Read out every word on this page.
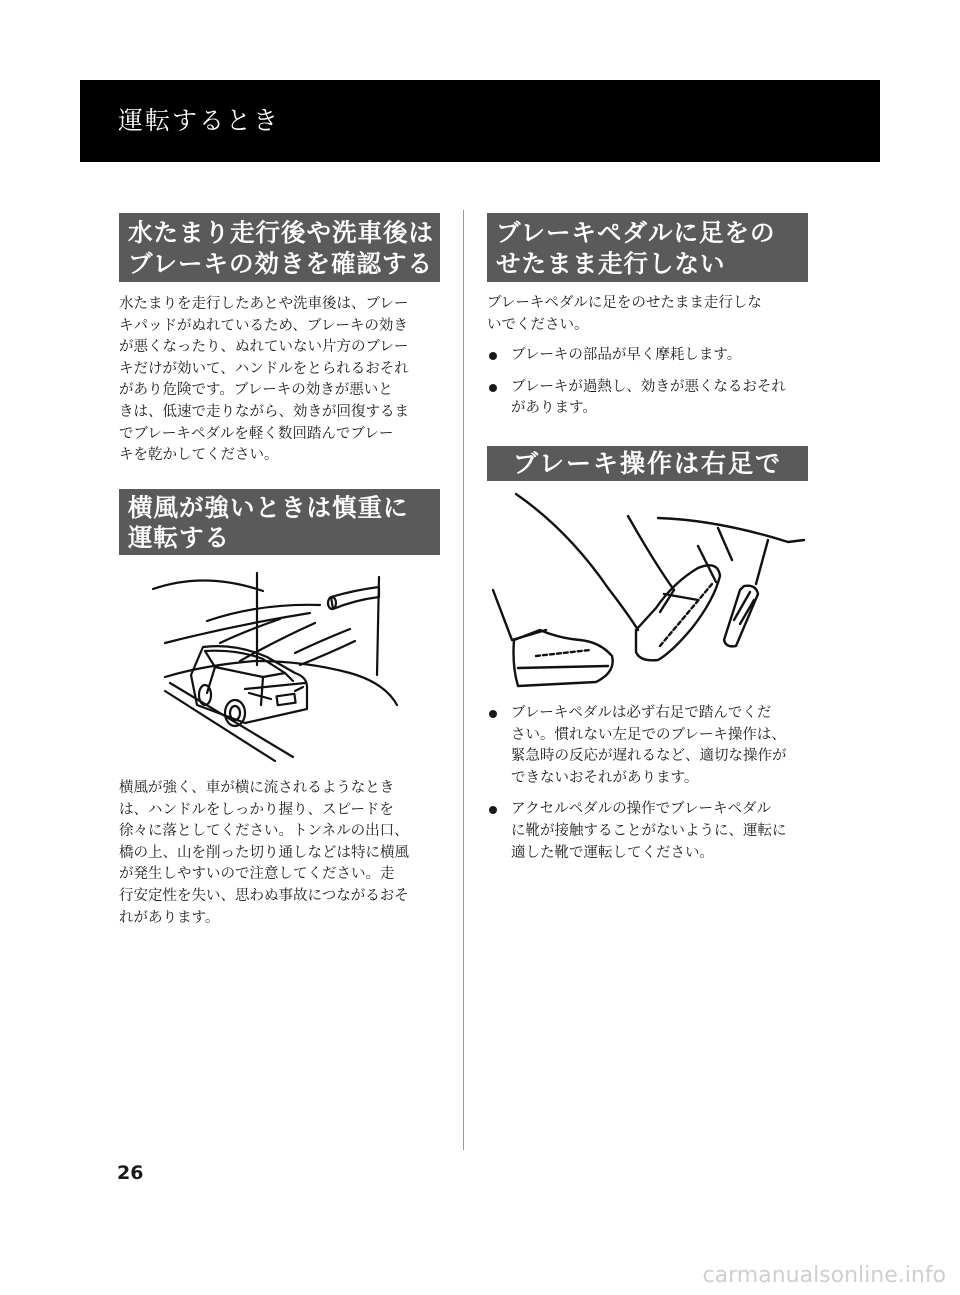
運転するとき
水たまり走行後や洗車後は
ブレーキの効きを確認する

水たまりを走行したあとや洗車後は、ブレー

キパッドがぬれているため、ブレーキの効き

が悪くなったり、ぬれていない片方のブレー

キだけが効いて、ハンドルをとられるおそれ

があり危険です。ブレーキの効きが悪いと

きは、低速で走りながら、効きが回復するま

でブレーキペダルを軽く数回踏んでブレー

キを乾かしてください。

横風が強いときは慎重に
運転する

横風が強く、車が横に流されるようなとき

は、ハンドルをしっかり握り、スピードを

徐々に落としてください。トンネルの出口、

橋の上、山を削った切り通しなどは特に横風

が発生しやすいので注意してください。走

行安定性を失い、思わぬ事故につながるおそ

れがあります。

ブレーキペダルに足をの
せたまま走行しない

ブレーキペダルに足をのせたまま走行しな

いでください。

ブレーキの部品が早く摩耗します。
ブレーキが過熱し、効きが悪くなるおそれ
があります。
ブレーキ操作は右足で
ブレーキペダルは必ず右足で踏んでくだ
さい。慣れない左足でのブレーキ操作は、
緊急時の反応が遅れるなど、適切な操作が
できないおそれがあります。
アクセルペダルの操作でブレーキペダル
に靴が接触することがないように、運転に
適した靴で運転してください。
26
carmanualsonline.info
